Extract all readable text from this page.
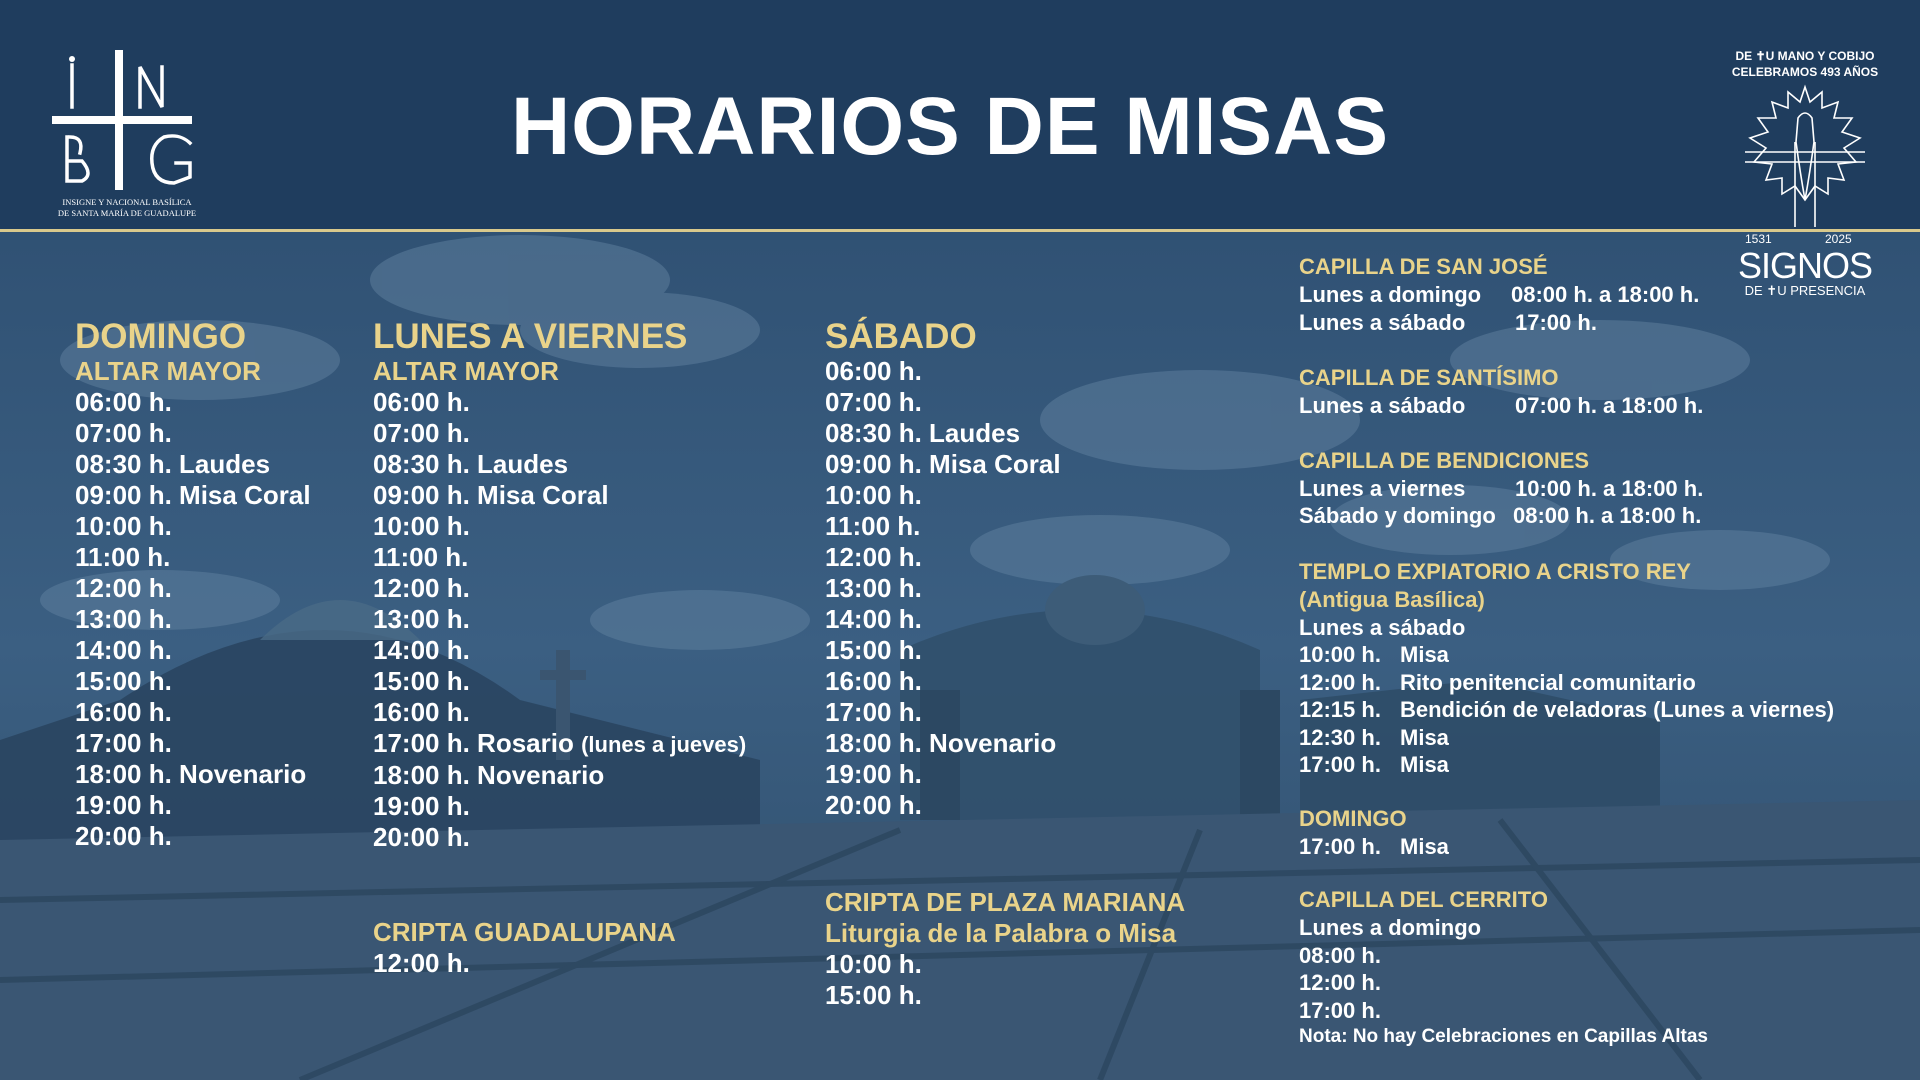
INSIGNE Y NACIONAL BASÍLICA
DE SANTA MARÍA DE GUADALUPE
HORARIOS DE MISAS
DE ✝U MANO Y COBIJO
CELEBRAMOS 493 AÑOS
1531	2025
SIGNOS
DE ✝U PRESENCIA
DOMINGO
ALTAR MAYOR
06:00 h.
07:00 h.
08:30 h. Laudes
09:00 h. Misa Coral
10:00 h.
11:00 h.
12:00 h.
13:00 h.
14:00 h.
15:00 h.
16:00 h.
17:00 h.
18:00 h. Novenario
19:00 h.
20:00 h.
LUNES A VIERNES
ALTAR MAYOR
06:00 h.
07:00 h.
08:30 h. Laudes
09:00 h. Misa Coral
10:00 h.
11:00 h.
12:00 h.
13:00 h.
14:00 h.
15:00 h.
16:00 h.
17:00 h. Rosario (lunes a jueves)
18:00 h. Novenario
19:00 h.
20:00 h.
CRIPTA GUADALUPANA
12:00 h.
SÁBADO
06:00 h.
07:00 h.
08:30 h. Laudes
09:00 h. Misa Coral
10:00 h.
11:00 h.
12:00 h.
13:00 h.
14:00 h.
15:00 h.
16:00 h.
17:00 h.
18:00 h. Novenario
19:00 h.
20:00 h.
CRIPTA DE PLAZA MARIANA
Liturgia de la Palabra o Misa
10:00 h.
15:00 h.
CAPILLA DE SAN JOSÉ
Lunes a domingo 08:00 h. a 18:00 h.
Lunes a sábado 17:00 h.
CAPILLA DE SANTÍSIMO
Lunes a sábado 07:00 h. a 18:00 h.
CAPILLA DE BENDICIONES
Lunes a viernes 10:00 h. a 18:00 h.
Sábado y domingo 08:00 h. a 18:00 h.
TEMPLO EXPIATORIO A CRISTO REY
(Antigua Basílica)
Lunes a sábado
10:00 h. Misa
12:00 h. Rito penitencial comunitario
12:15 h. Bendición de veladoras (Lunes a viernes)
12:30 h. Misa
17:00 h. Misa
DOMINGO
17:00 h. Misa
CAPILLA DEL CERRITO
Lunes a domingo
08:00 h.
12:00 h.
17:00 h.
Nota: No hay Celebraciones en Capillas Altas
